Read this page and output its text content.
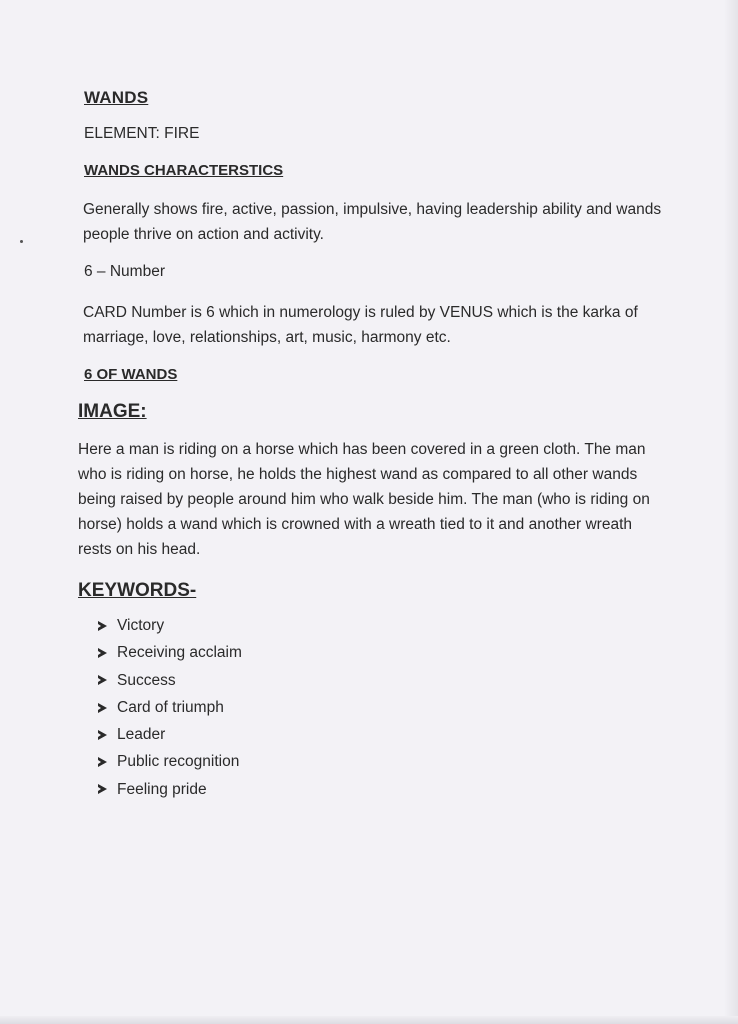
WANDS
ELEMENT: FIRE
WANDS CHARACTERSTICS
Generally shows fire, active, passion, impulsive, having leadership ability and wands people thrive on action and activity.
6 – Number
CARD Number is 6 which in numerology is ruled by VENUS which is the karka of marriage, love, relationships, art, music, harmony etc.
6 OF WANDS
IMAGE:
Here a man is riding on a horse which has been covered in a green cloth. The man who is riding on horse, he holds the highest wand as compared to all other wands being raised by people around him who walk beside him. The man (who is riding on horse) holds a wand which is crowned with a wreath tied to it and another wreath rests on his head.
KEYWORDS-
Victory
Receiving acclaim
Success
Card of triumph
Leader
Public recognition
Feeling pride
